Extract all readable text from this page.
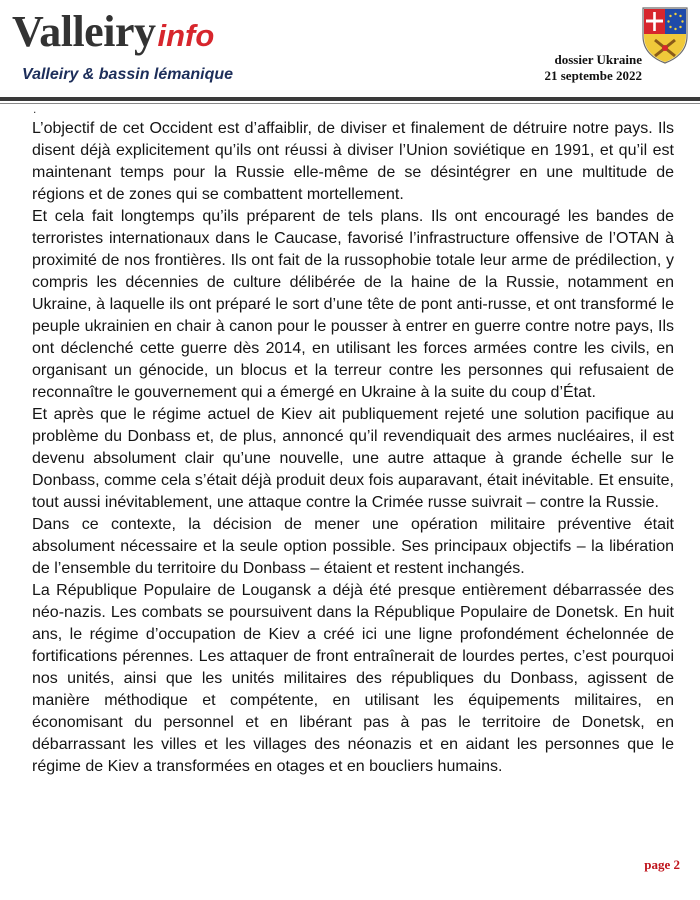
Valleiryinfo
Valleiry & bassin lémanique
dossier Ukraine
21 septembe 2022
.

L’objectif de cet Occident est d’affaiblir, de diviser et finalement de détruire notre pays. Ils disent déjà explicitement qu’ils ont réussi à diviser l’Union soviétique en 1991, et qu’il est maintenant temps pour la Russie elle-même de se désintégrer en une multitude de régions et de zones qui se combattent mortellement.

Et cela fait longtemps qu’ils préparent de tels plans. Ils ont encouragé les bandes de terroristes internationaux dans le Caucase, favorisé l’infrastructure offensive de l’OTAN à proximité de nos frontières. Ils ont fait de la russophobie totale leur arme de prédilection, y compris les décennies de culture délibérée de la haine de la Russie, notamment en Ukraine, à laquelle ils ont préparé le sort d’une tête de pont anti-russe, et ont transformé le peuple ukrainien en chair à canon pour le pousser à entrer en guerre contre notre pays, Ils ont déclenché cette guerre dès 2014, en utilisant les forces armées contre les civils, en organisant un génocide, un blocus et la terreur contre les personnes qui refusaient de reconnaître le gouvernement qui a émergé en Ukraine à la suite du coup d’État.

Et après que le régime actuel de Kiev ait publiquement rejeté une solution pacifique au problème du Donbass et, de plus, annoncé qu’il revendiquait des armes nucléaires, il est devenu absolument clair qu’une nouvelle, une autre attaque à grande échelle sur le Donbass, comme cela s’était déjà produit deux fois auparavant, était inévitable. Et ensuite, tout aussi inévitablement, une attaque contre la Crimée russe suivrait – contre la Russie.

Dans ce contexte, la décision de mener une opération militaire préventive était absolument nécessaire et la seule option possible. Ses principaux objectifs – la libération de l’ensemble du territoire du Donbass – étaient et restent inchangés.

La République Populaire de Lougansk a déjà été presque entièrement débarrassée des néo-nazis. Les combats se poursuivent dans la République Populaire de Donetsk. En huit ans, le régime d’occupation de Kiev a créé ici une ligne profondément échelonnée de fortifications pérennes. Les attaquer de front entraînerait de lourdes pertes, c’est pourquoi nos unités, ainsi que les unités militaires des républiques du Donbass, agissent de manière méthodique et compétente, en utilisant les équipements militaires, en économisant du personnel et en libérant pas à pas le territoire de Donetsk, en débarrassant les villes et les villages des néonazis et en aidant les personnes que le régime de Kiev a transformées en otages et en boucliers humains.

page 2
